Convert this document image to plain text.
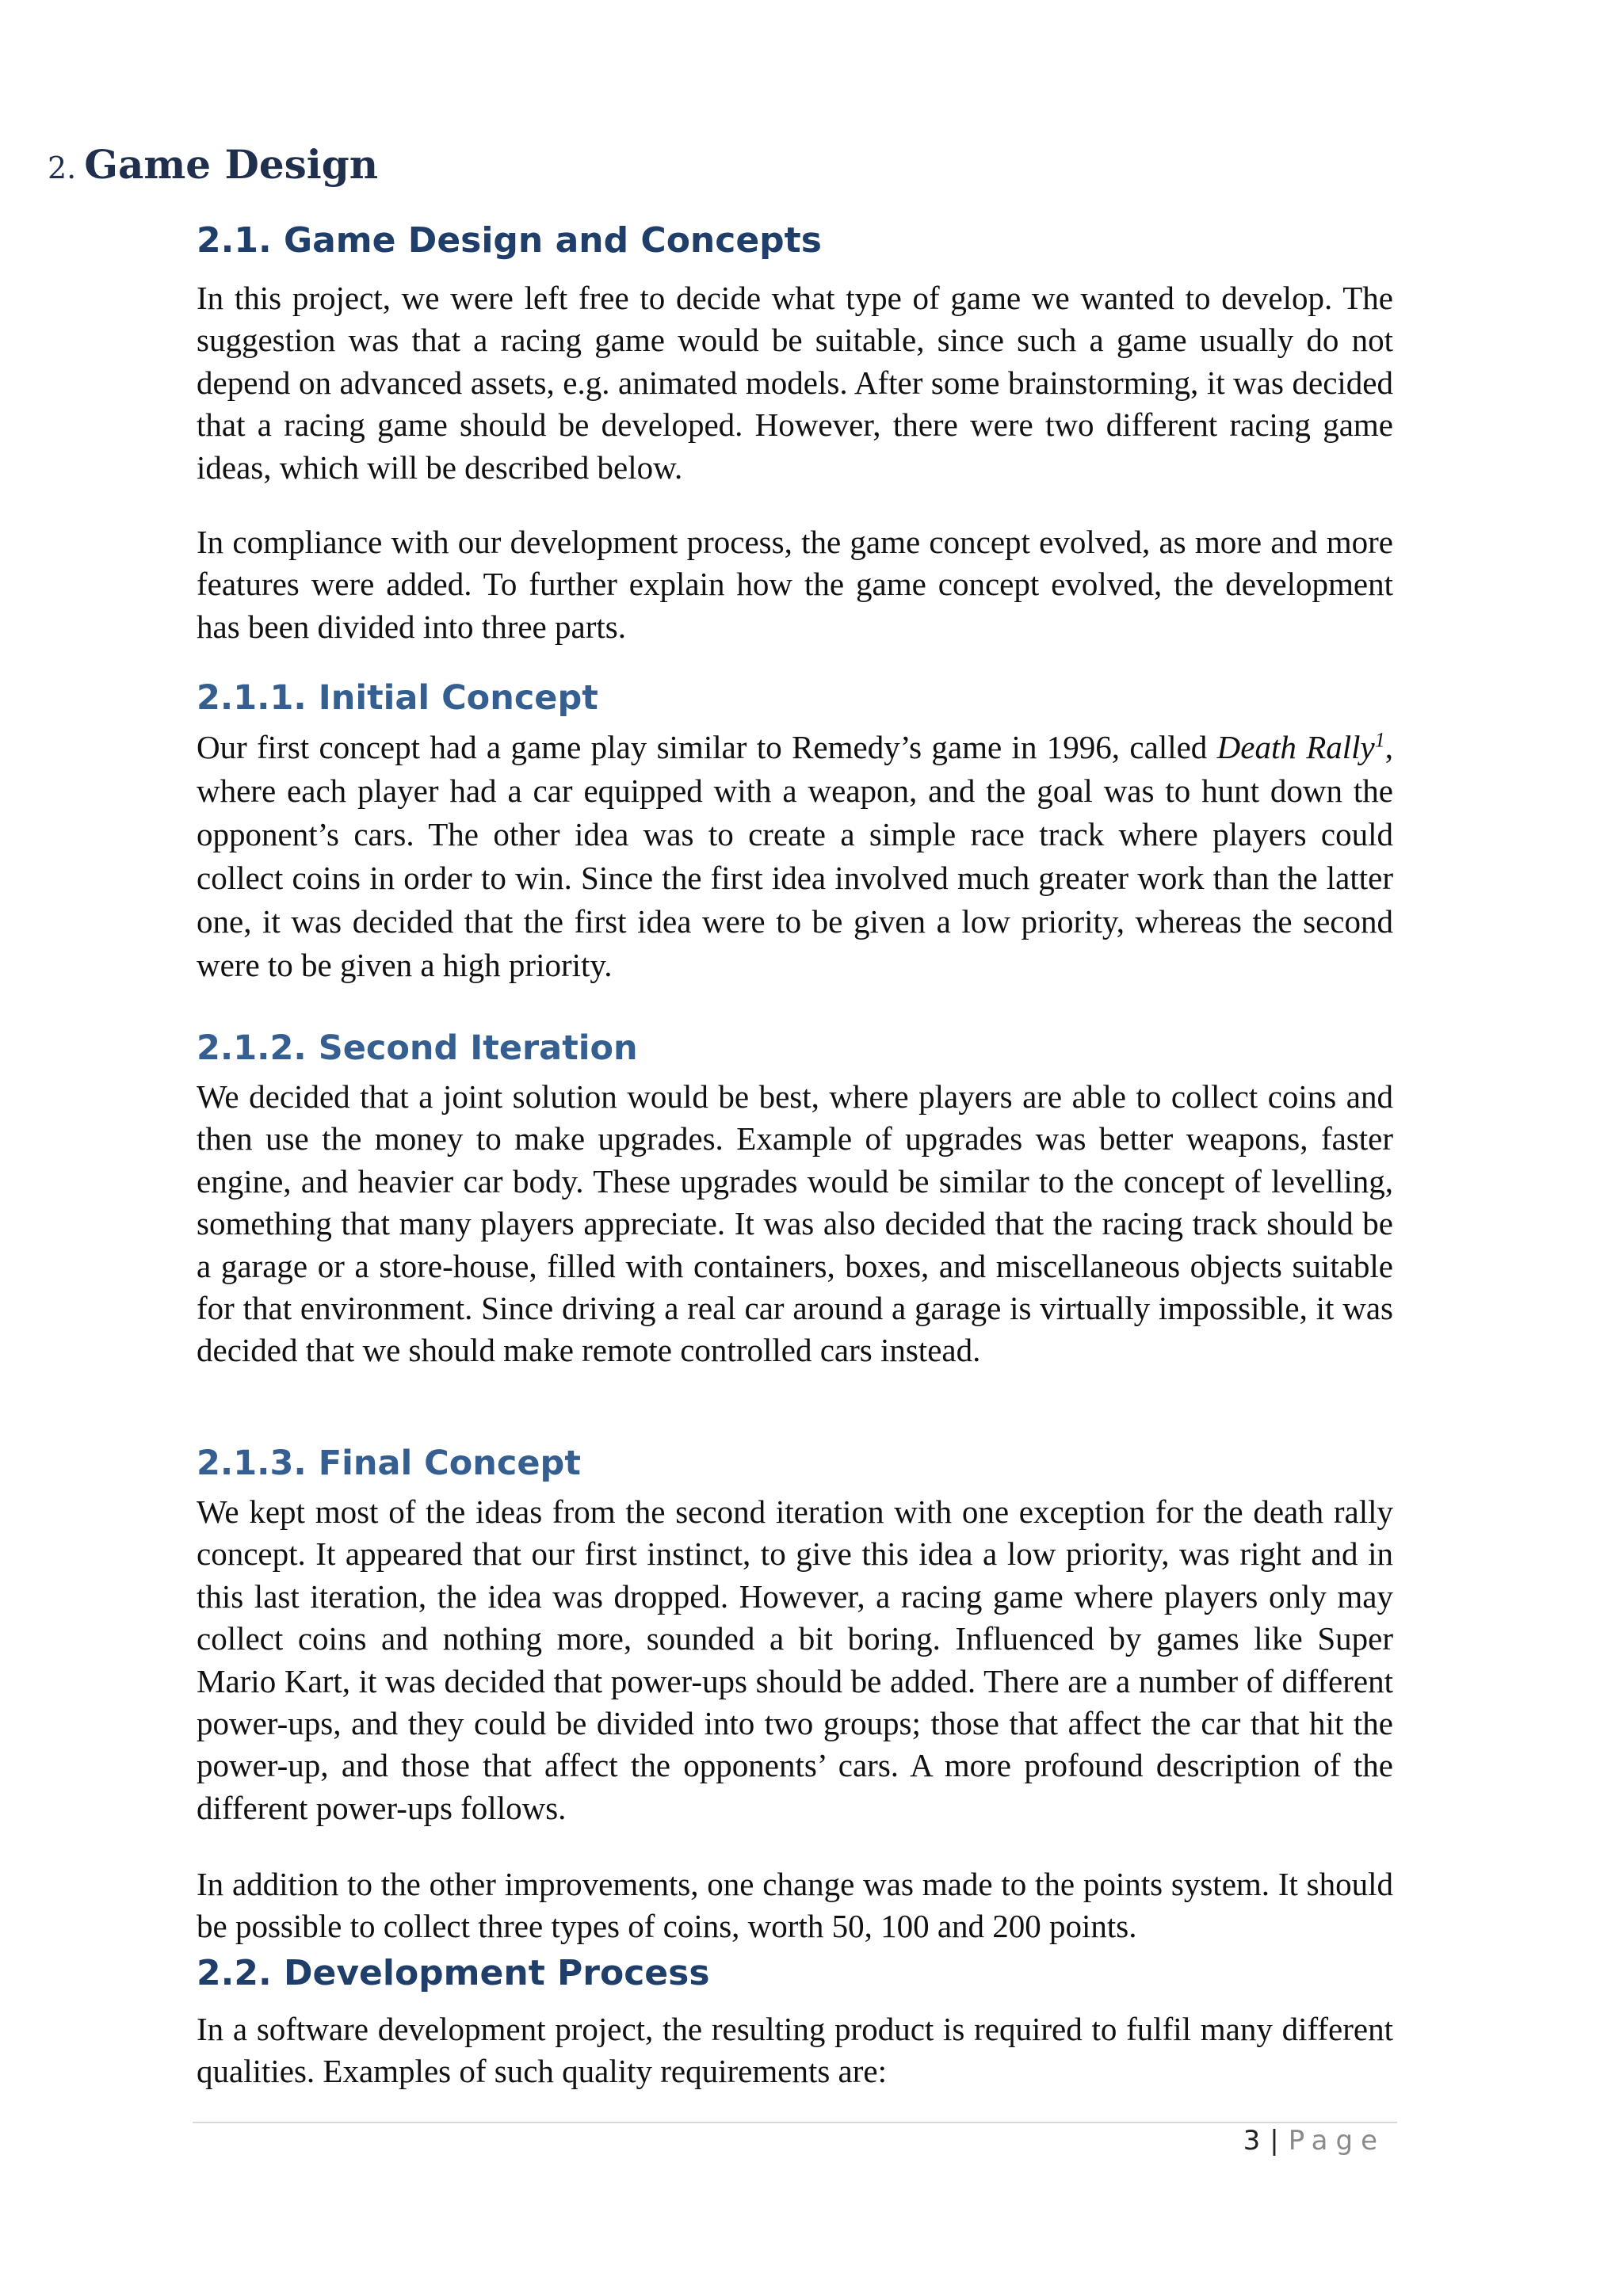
2. Game Design
2.1. Game Design and Concepts

In this project, we were left free to decide what type of game we wanted to develop. The suggestion was that a racing game would be suitable, since such a game usually do not depend on advanced assets, e.g. animated models. After some brainstorming, it was decided that a racing game should be developed. However, there were two different racing game ideas, which will be described below.

In compliance with our development process, the game concept evolved, as more and more features were added. To further explain how the game concept evolved, the development has been divided into three parts.

2.1.1. Initial Concept

Our first concept had a game play similar to Remedy’s game in 1996, called Death Rally$^1$, where each player had a car equipped with a weapon, and the goal was to hunt down the opponent’s cars. The other idea was to create a simple race track where players could collect coins in order to win. Since the first idea involved much greater work than the latter one, it was decided that the first idea were to be given a low priority, whereas the second were to be given a high priority.

2.1.2. Second Iteration

We decided that a joint solution would be best, where players are able to collect coins and then use the money to make upgrades. Example of upgrades was better weapons, faster engine, and heavier car body. These upgrades would be similar to the concept of levelling, something that many players appreciate. It was also decided that the racing track should be a garage or a store-house, filled with containers, boxes, and miscellaneous objects suitable for that environment. Since driving a real car around a garage is virtually impossible, it was decided that we should make remote controlled cars instead.

2.1.3. Final Concept

We kept most of the ideas from the second iteration with one exception for the death rally concept. It appeared that our first instinct, to give this idea a low priority, was right and in this last iteration, the idea was dropped. However, a racing game where players only may collect coins and nothing more, sounded a bit boring. Influenced by games like Super Mario Kart, it was decided that power-ups should be added. There are a number of different power-ups, and they could be divided into two groups; those that affect the car that hit the power-up, and those that affect the opponents’ cars. A more profound description of the different power-ups follows.

In addition to the other improvements, one change was made to the points system. It should be possible to collect three types of coins, worth 50, 100 and 200 points.

2.2. Development Process

In a software development project, the resulting product is required to fulfil many different qualities. Examples of such quality requirements are:

3 | Page
